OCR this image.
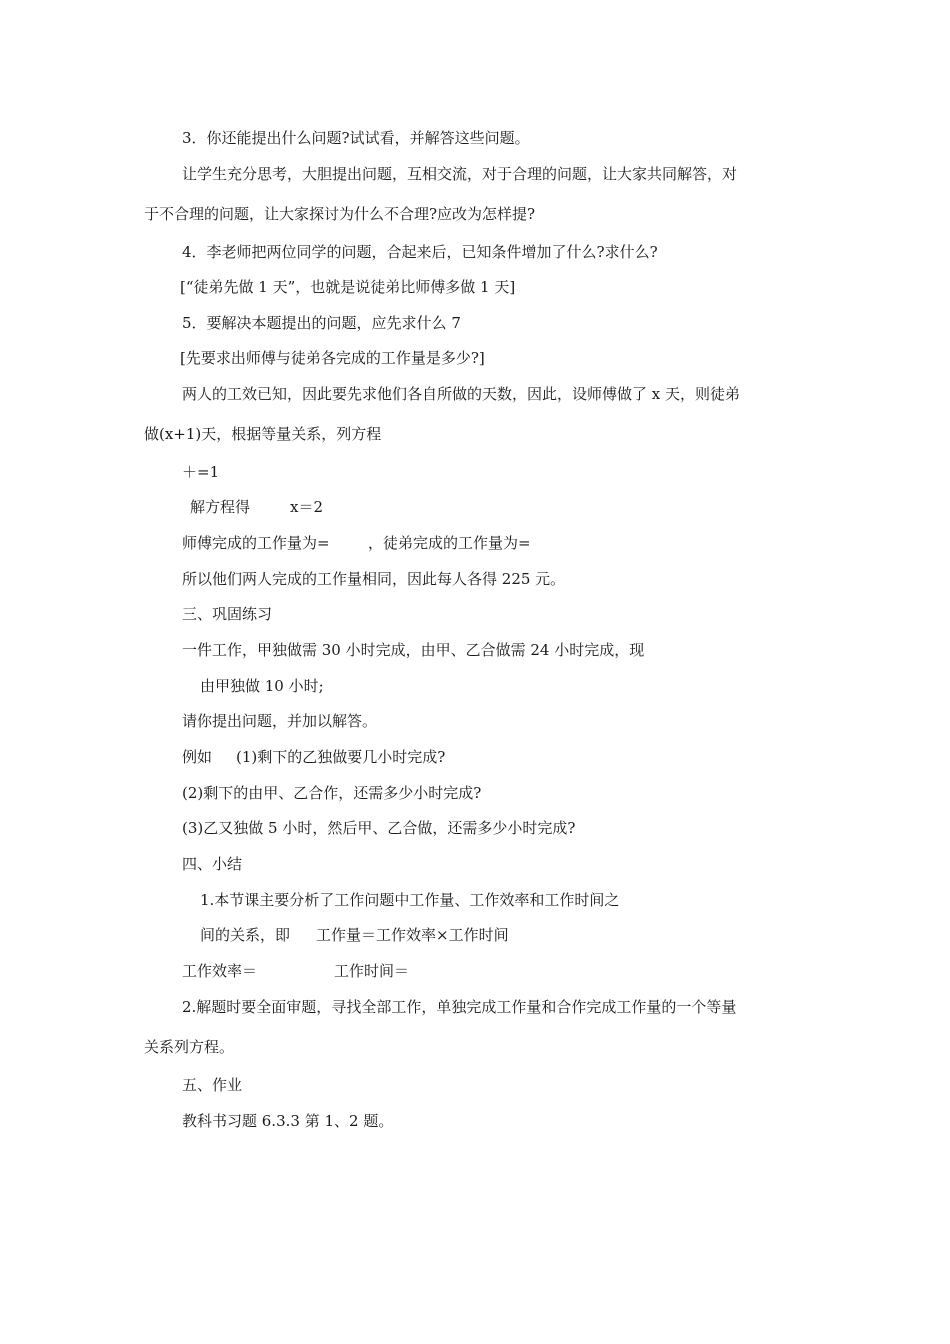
3．你还能提出什么问题?试试看，并解答这些问题。
让学生充分思考，大胆提出问题，互相交流，对于合理的问题，让大家共同解答，对
于不合理的问题，让大家探讨为什么不合理?应改为怎样提?
4．李老师把两位同学的问题，合起来后，已知条件增加了什么?求什么?
[“徒弟先做 1 天”，也就是说徒弟比师傅多做 1 天]
5．要解决本题提出的问题，应先求什么 7
[先要求出师傅与徒弟各完成的工作量是多少?]
两人的工效已知，因此要先求他们各自所做的天数，因此，设师傅做了 x 天，则徒弟
做(x+1)天，根据等量关系，列方程
＋=1
解方程得	x＝2
师傅完成的工作量为=	，徒弟完成的工作量为=
所以他们两人完成的工作量相同，因此每人各得 225 元。
三、巩固练习
一件工作，甲独做需 30 小时完成，由甲、乙合做需 24 小时完成，现
由甲独做 10 小时;
请你提出问题，并加以解答。
例如 (1)剩下的乙独做要几小时完成?
(2)剩下的由甲、乙合作，还需多少小时完成?
(3)乙又独做 5 小时，然后甲、乙合做，还需多少小时完成?
四、小结
1.本节课主要分析了工作问题中工作量、工作效率和工作时间之
间的关系，即 工作量＝工作效率×工作时间
工作效率＝	工作时间＝
2.解题时要全面审题，寻找全部工作，单独完成工作量和合作完成工作量的一个等量
关系列方程。
五、作业
教科书习题 6.3.3 第 1、2 题。
